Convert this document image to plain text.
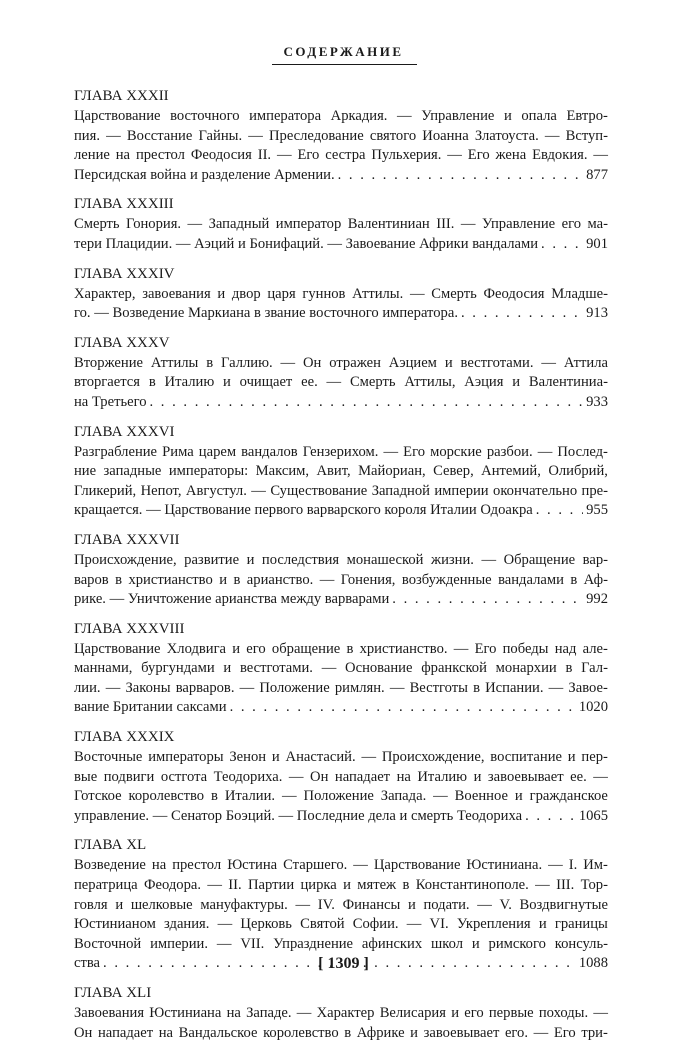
СОДЕРЖАНИЕ
ГЛАВА XXXII
Царствование восточного императора Аркадия. — Управление и опала Евтро-
пия. — Восстание Гайны. — Преследование святого Иоанна Златоуста. — Вступ-
ление на престол Феодосия II. — Его сестра Пульхерия. — Его жена Евдокия. —
Персидская война и разделение Армении. . . .	877
ГЛАВА XXXIII
Смерть Гонория. — Западный император Валентиниан III. — Управление его ма-
тери Плацидии. — Аэций и Бонифаций. — Завоевание Африки вандалами . . .	901
ГЛАВА XXXIV
Характер, завоевания и двор царя гуннов Аттилы. — Смерть Феодосия Младше-
го. — Возведение Маркиана в звание восточного императора. . . .	913
ГЛАВА XXXV
Вторжение Аттилы в Галлию. — Он отражен Аэцием и вестготами. — Аттила
вторгается в Италию и очищает ее. — Смерть Аттилы, Аэция и Валентиниа-
на Третьего . . .	933
ГЛАВА XXXVI
Разграбление Рима царем вандалов Гензерихом. — Его морские разбои. — Послед-
ние западные императоры: Максим, Авит, Майориан, Север, Антемий, Олибрий,
Гликерий, Непот, Августул. — Существование Западной империи окончательно пре-
кращается. — Царствование первого варварского короля Италии Одоакра . . .	955
ГЛАВА XXXVII
Происхождение, развитие и последствия монашеской жизни. — Обращение вар-
варов в христианство и в арианство. — Гонения, возбужденные вандалами в Аф-
рике. — Уничтожение арианства между варварами . . .	992
ГЛАВА XXXVIII
Царствование Хлодвига и его обращение в христианство. — Его победы над але-
маннами, бургундами и вестготами. — Основание франкской монархии в Гал-
лии. — Законы варваров. — Положение римлян. — Вестготы в Испании. — Завое-
вание Британии саксами . . .	1020
ГЛАВА XXXIX
Восточные императоры Зенон и Анастасий. — Происхождение, воспитание и пер-
вые подвиги остгота Теодориха. — Он нападает на Италию и завоевывает ее. —
Готское королевство в Италии. — Положение Запада. — Военное и гражданское
управление. — Сенатор Боэций. — Последние дела и смерть Теодориха . . .	1065
ГЛАВА XL
Возведение на престол Юстина Старшего. — Царствование Юстиниана. — I. Им-
ператрица Феодора. — II. Партии цирка и мятеж в Константинополе. — III. Тор-
говля и шелковые мануфактуры. — IV. Финансы и подати. — V. Воздвигнутые
Юстинианом здания. — Церковь Святой Софии. — VI. Укрепления и границы
Восточной империи. — VII. Упразднение афинских школ и римского консуль-
ства . . .	1088
ГЛАВА XLI
Завоевания Юстиниана на Западе. — Характер Велисария и его первые походы. —
Он нападает на Вандальское королевство в Африке и завоевывает его. — Его три-
[ 1309 ]
